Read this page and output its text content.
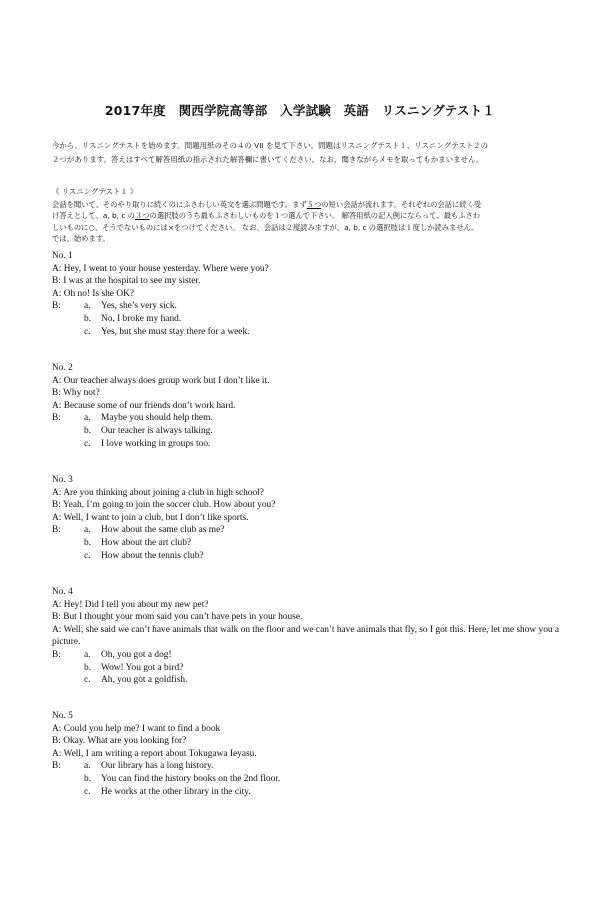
2017年度　関西学院高等部　入学試験　英語　リスニングテスト１
今から、リスニングテストを始めます。問題用紙のその４の VII を見て下さい。問題はリスニングテスト１、リスニングテスト２の
２つがあります。答えはすべて解答用紙の指示された解答欄に書いてください。なお、聞きながらメモを取ってもかまいません。
《 リスニングテスト１ 》
会話を聞いて、そのやり取りに続くのにふさわしい英文を選ぶ問題です。まず５つの短い会話が流れます。それぞれの会話に続く受
け答えとして、a, b, c の３つの選択肢のうち最もふさわしいものを１つ選んで下さい。 解答用紙の記入例にならって、最もふさわ
しいものに○、そうでないものには×をつけてください。 なお、会話は２度読みますが、a, b, c の選択肢は１度しか読みません。
では、始めます。
No. 1
A: Hey, I went to your house yesterday. Where were you?
B: I was at the hospital to see my sister.
A: Oh no! Is she OK?
B:	a.	Yes, she’s very sick.
b.	No, I broke my hand.
c.	Yes, but she must stay there for a week.
No. 2
A: Our teacher always does group work but I don’t like it.
B: Why not?
A: Because some of our friends don’t work hard.
B:	a.	Maybe you should help them.
b.	Our teacher is always talking.
c.	I love working in groups too.
No. 3
A: Are you thinking about joining a club in high school?
B: Yeah, I’m going to join the soccer club. How about you?
A: Well, I want to join a club, but I don’t like sports.
B:	a.	How about the same club as me?
b.	How about the art club?
c.	How about the tennis club?
No. 4
A: Hey! Did I tell you about my new pet?
B: But I thought your mom said you can’t have pets in your house.
A: Well, she said we can’t have animals that walk on the floor and we can’t have animals that fly, so I got this. Here, let me show you a picture.
B:	a.	Oh, you got a dog!
b.	Wow! You got a bird?
c.	Ah, you got a goldfish.
No. 5
A: Could you help me? I want to find a book
B: Okay. What are you looking for?
A: Well, I am writing a report about Tokugawa Ieyasu.
B:	a.	Our library has a long history.
b.	You can find the history books on the 2nd floor.
c.	He works at the other library in the city.
